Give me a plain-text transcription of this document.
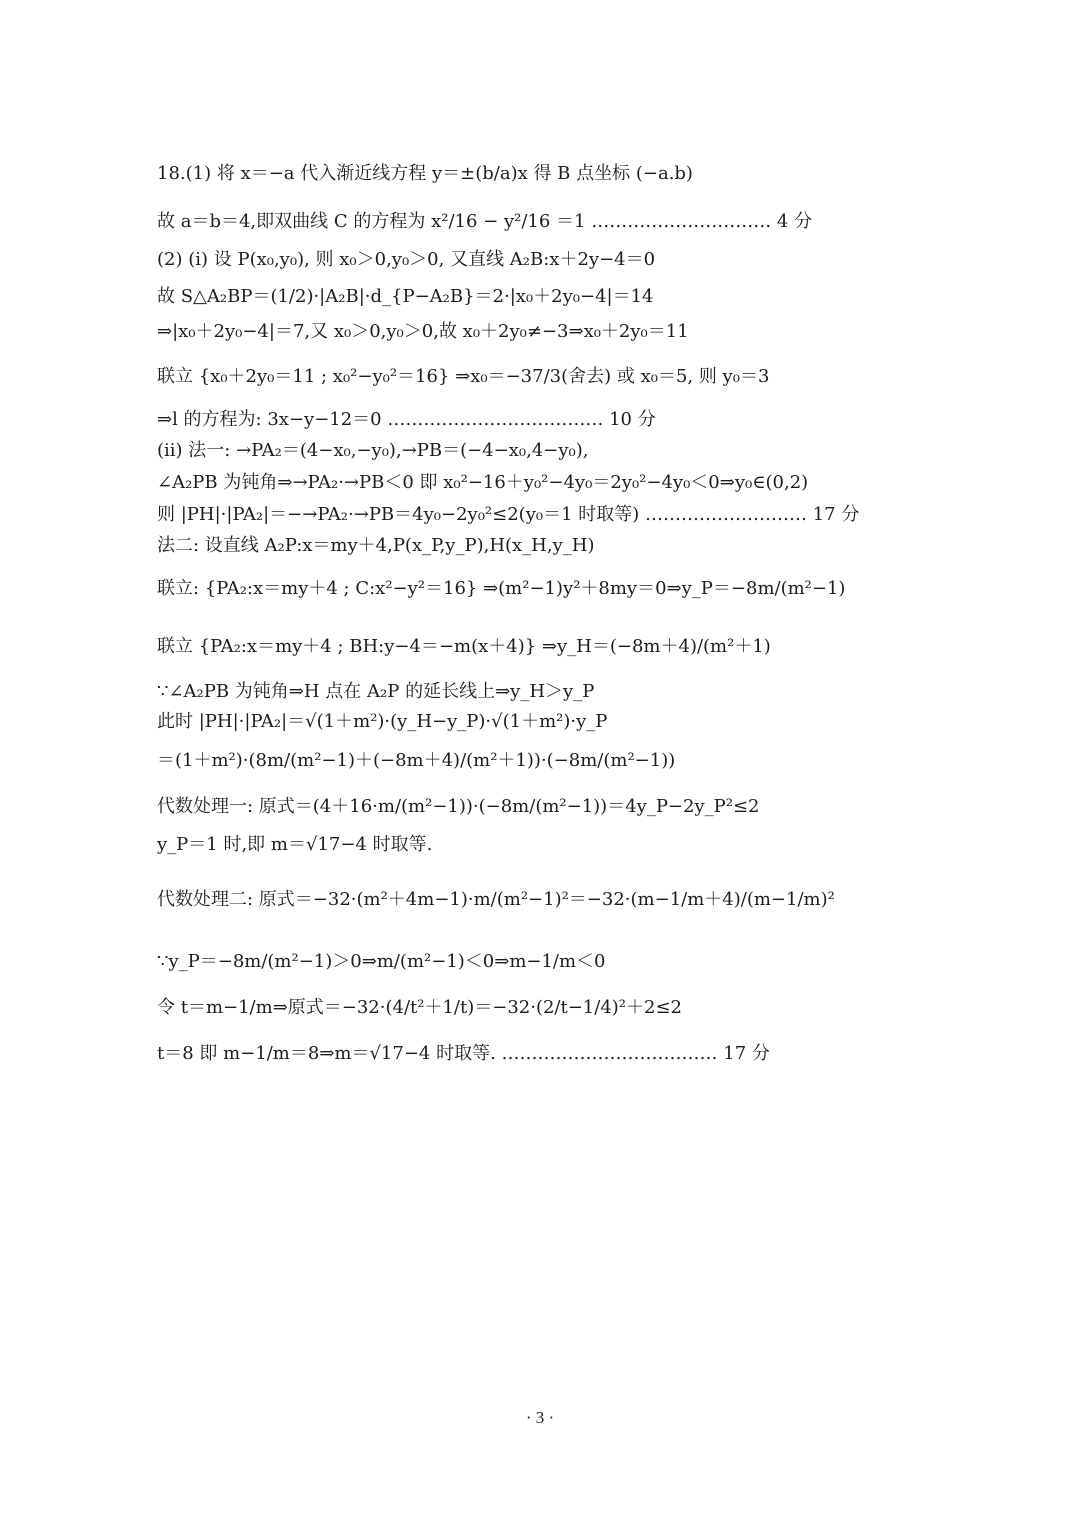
18.(1) 将 x＝−a 代入渐近线方程 y＝±(b/a)x 得 B 点坐标 (−a.b)
故 a＝b＝4,即双曲线 C 的方程为 x²/16 − y²/16 ＝1 ………………………… 4 分
(2) (i) 设 P(x₀,y₀), 则 x₀＞0,y₀＞0, 又直线 A₂B:x＋2y−4＝0
故 S△A₂BP＝(1/2)·|A₂B|·d_{P−A₂B}＝2·|x₀＋2y₀−4|＝14
⇒|x₀＋2y₀−4|＝7,又 x₀＞0,y₀＞0,故 x₀＋2y₀≠−3⇒x₀＋2y₀＝11
联立 {x₀＋2y₀＝11 ; x₀²−y₀²＝16} ⇒x₀＝−37/3(舍去) 或 x₀＝5, 则 y₀＝3
⇒l 的方程为: 3x−y−12＝0 ……………………………… 10 分
(ii) 法一: →PA₂＝(4−x₀,−y₀),→PB＝(−4−x₀,4−y₀),
∠A₂PB 为钝角⇒→PA₂·→PB＜0 即 x₀²−16＋y₀²−4y₀＝2y₀²−4y₀＜0⇒y₀∈(0,2)
则 |PH|·|PA₂|＝−→PA₂·→PB＝4y₀−2y₀²≤2(y₀＝1 时取等) ……………………… 17 分
法二: 设直线 A₂P:x＝my＋4,P(x_P,y_P),H(x_H,y_H)
联立: {PA₂:x＝my＋4 ; C:x²−y²＝16} ⇒(m²−1)y²＋8my＝0⇒y_P＝−8m/(m²−1)
联立 {PA₂:x＝my＋4 ; BH:y−4＝−m(x＋4)} ⇒y_H＝(−8m＋4)/(m²＋1)
∵∠A₂PB 为钝角⇒H 点在 A₂P 的延长线上⇒y_H＞y_P
此时 |PH|·|PA₂|＝√(1＋m²)·(y_H−y_P)·√(1＋m²)·y_P
＝(1＋m²)·(8m/(m²−1)＋(−8m＋4)/(m²＋1))·(−8m/(m²−1))
代数处理一: 原式＝(4＋16·m/(m²−1))·(−8m/(m²−1))＝4y_P−2y_P²≤2
y_P＝1 时,即 m＝√17−4 时取等.
代数处理二: 原式＝−32·(m²＋4m−1)·m/(m²−1)²＝−32·(m−1/m＋4)/(m−1/m)²
∵y_P＝−8m/(m²−1)＞0⇒m/(m²−1)＜0⇒m−1/m＜0
令 t＝m−1/m⇒原式＝−32·(4/t²＋1/t)＝−32·(2/t−1/4)²＋2≤2
t＝8 即 m−1/m＝8⇒m＝√17−4 时取等. ……………………………… 17 分
· 3 ·
